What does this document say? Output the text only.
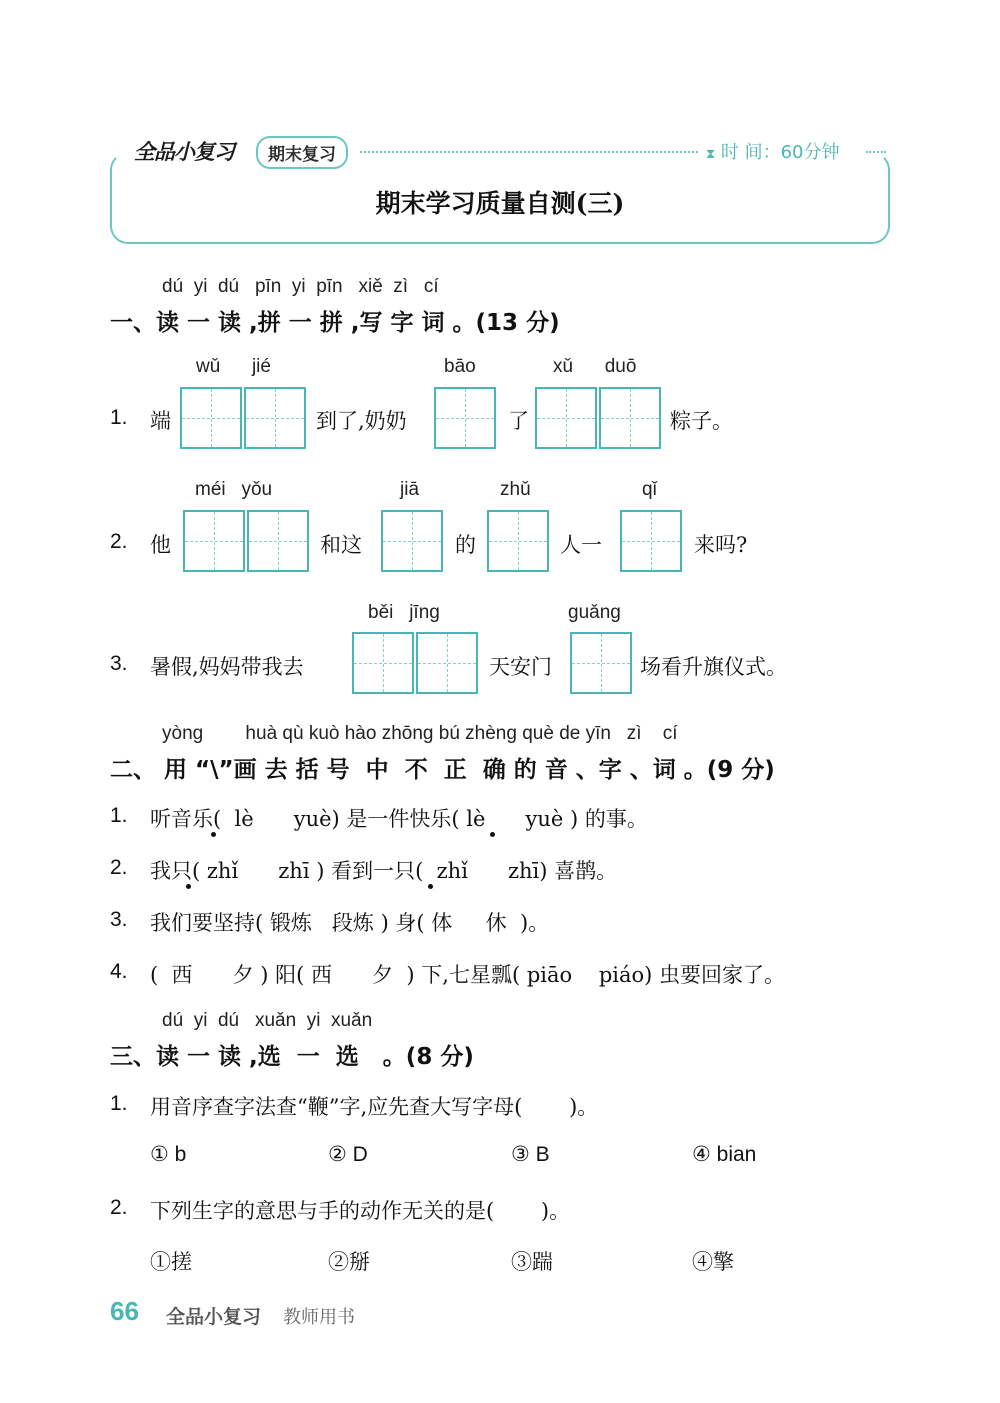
全品小复习	期末复习	⧗ 时 间：60分钟
期末学习质量自测(三)
dú  yi  dú   pīn  yi  pīn   xiě  zì   cí
一、读 一 读 ,拼 一 拼 ,写 字 词 。(13 分)
wǔ      jié	bāo	xǔ      duō
1. 端	到了,奶奶	了	粽子。
méi   yǒu	jiā	zhǔ	qǐ
2. 他	和这	的	人一	来吗?
běi   jīng	guǎng
3. 暑假,妈妈带我去	天安门	场看升旗仪式。
yòng        huà qù kuò hào zhōng bú zhèng què de yīn   zì    cí
二、 用 “\”画 去 括 号  中  不  正  确 的 音 、字 、词 。(9 分)
1. 听音乐(  lè      yuè) 是一件快乐( lè      yuè ) 的事。
2. 我只( zhǐ      zhī ) 看到一只(  zhǐ      zhī) 喜鹊。
3. 我们要坚持( 锻炼   段炼 ) 身( 体     休  )。
4. (  西      夕 ) 阳( 西      夕  ) 下,七星瓢( piāo    piáo) 虫要回家了。
dú  yi  dú   xuǎn  yi  xuǎn
三、读 一 读 ,选  一  选   。(8 分)
1. 用音序查字法查“鞭”字,应先查大写字母(       )。
① b	② D	③ B	④ bian
2. 下列生字的意思与手的动作无关的是(       )。
①搓	②掰	③踹	④擎
66 全品小复习 教师用书
